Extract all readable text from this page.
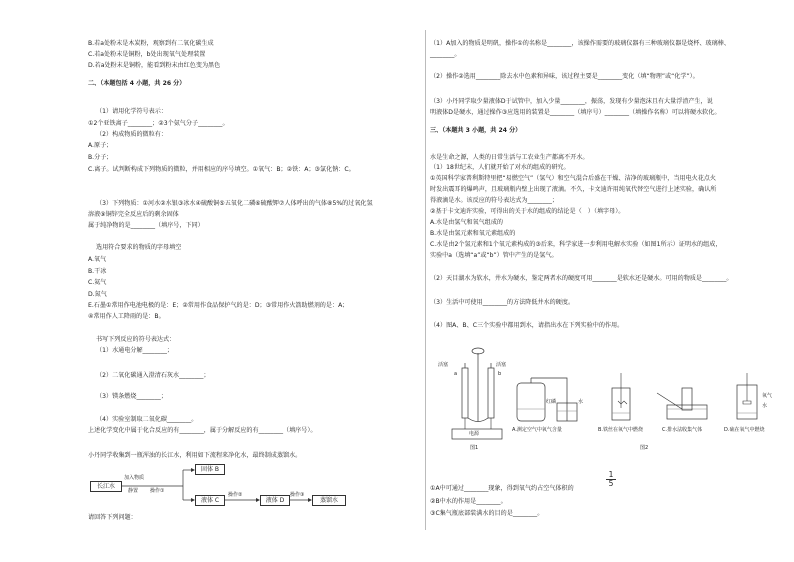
B.若a处粉末是木炭粉，观察到有二氧化碳生成
C.若a处粉末是铜粉，b处出现氧气处理装置
D.若a处粉末是铜粉，能看到粉末由红色变为黑色
二、（本题包括 4 小题，共 26 分）
（1）请用化学符号表示：
①2个亚铁离子________；②3个氨气分子________。
（2）构成物质的微粒有：
A.原子；
B.分子；
C.离子。试判断构成下列物质的微粒，并用相应的序号填空。①氧气：B；②铁：A；③氯化钠：C。
（3）下列物质：①河水②水银③冰水④硫酸铜⑤五氧化二磷⑥硫酸钾⑦人体呼出的气体⑧5%的过氧化氢
溶液⑨铜锌完全反应后的剩余固体
属于纯净物的是________（填序号，下同）
选用符合要求的物质的字母填空
A.氧气
B.干冰
C.氦气
D.氮气
E.石墨①常用作电池电极的是：E；②常用作食品保护气的是：D；③常用作火箭助燃剂的是：A；
④常用作人工降雨的是：B。
书写下列反应的符号表达式：
（1）水通电分解________；
（2）二氧化碳通入澄清石灰水________；
（3）镁条燃烧________；
（4）实验室制取二氧化碳________。
上述化学变化中属于化合反应的有________，属于分解反应的有________（填序号）。
小丹同学收集到一瓶浑浊的长江水，利用如下流程来净化水，最终制成蒸馏水。
请回答下列问题：
（1）A加入的物质是明矾，操作①的名称是________，该操作需要的玻璃仪器有三种玻璃仪器是烧杯、玻璃棒、
________。
（2）操作②选用________除去水中色素和异味，该过程主要是________变化（填“物理”或“化学”）。
（3）小丹同学取少量液体D于试管中，加入少量________，振荡，发现有少量泡沫且有大量浮渣产生，说
明液体D是硬水，通过操作③应选用的装置是________（填序号）________（填操作名称）可以将硬水软化。
三、（本题共 3 小题，共 24 分）
水是生命之源，人类的日常生活与工农业生产都离不开水。
（1）18世纪末，人们就开始了对水的组成的研究。
①英国科学家普利斯特里把“易燃空气”（氢气）和空气混合后盛在干燥、洁净的玻璃瓶中，当用电火花点火
时发出震耳的爆鸣声，且玻璃瓶内壁上出现了液滴。不久，卡文迪许用纯氧代替空气进行上述实验，确认所
得液滴是水。该反应的符号表达式为________；
②基于卡文迪许实验，可得出的关于水的组成的结论是（　）（填字母）。
A.水是由氢气和氧气组成的
B.水是由氢元素和氧元素组成的
C.水是由2个氢元素和1个氧元素构成的③后来，科学家进一步利用电解水实验（如图1所示）证明水的组成，
实验中a（选填“a”或“b”）管中产生的是氢气。
（2）天目湖水为软水，井水为硬水，鉴定两者水的硬度可用________是软水还是硬水。可用的物质是________。
（3）生活中可使用________的方法降低井水的硬度。
（4）图A、B、C三个实验中都用到水，请指出水在下列实验中的作用。
①A中可通过________现象，得到氧气约占空气体积的
②B中水的作用是________。
③C集气瓶底部装满水的目的是________。
长江水
加入物质
静置 操作①
固体 B
液体 C
操作②
液体 D
操作③
蒸馏水
活塞	活塞
a	b
电源
图1
红磷	水
图2
氧气
水
A.测定空气中氧气含量	B.铁丝在氧气中燃烧	C.排水法收集气体	D.硫在氧气中燃烧
1
5
